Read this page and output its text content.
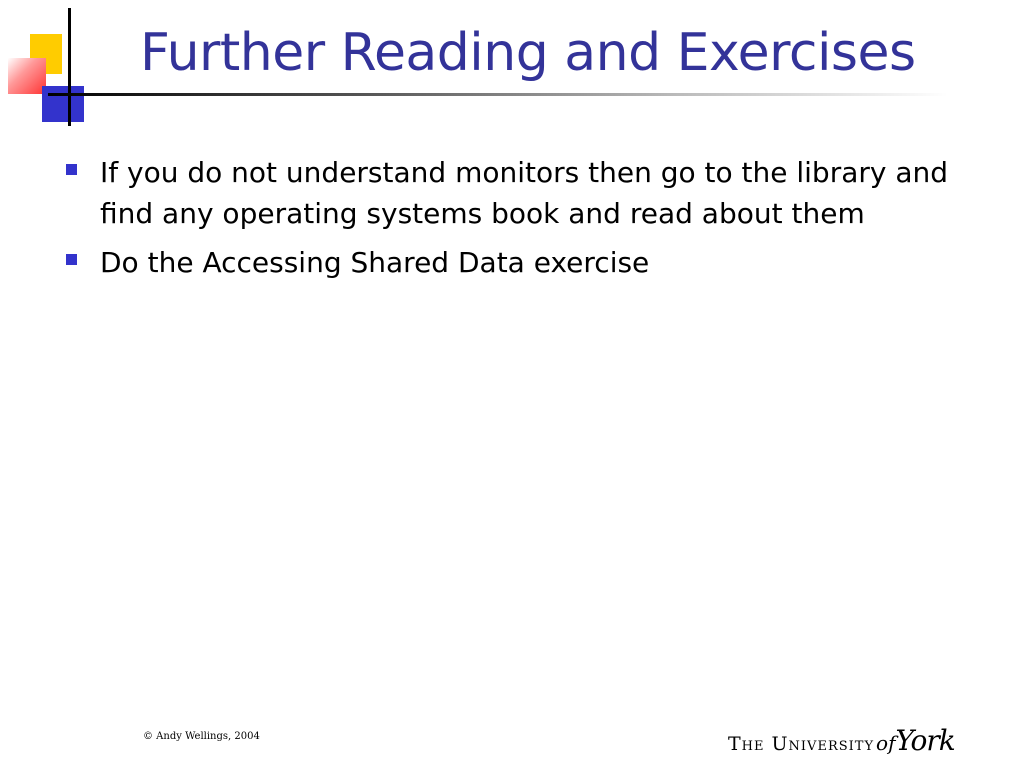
Further Reading and Exercises
If you do not understand monitors then go to the library and find any operating systems book and read about them
Do the Accessing Shared Data exercise
© Andy Wellings, 2004	The University ofYork
